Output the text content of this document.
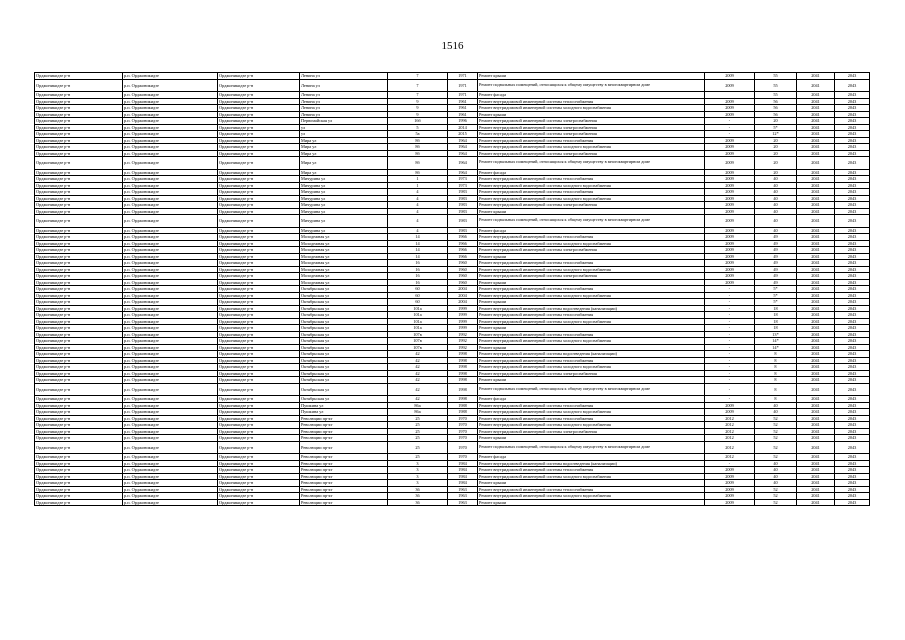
1516
Орджоникидзе р-н	р.п. Орджоникидзе	Орджоникидзе р-н	Ленина ул	7	1971	Ремонт крыши	2009	55	2041	2043
Орджоникидзе р-н	р.п. Орджоникидзе	Орджоникидзе р-н	Ленина ул	7	1971	Ремонт подвальных помещений, относящихся к общему имуществу в многоквартирном доме	2009	55	2041	2043
Орджоникидзе р-н	р.п. Орджоникидзе	Орджоникидзе р-н	Ленина ул	7	1971	Ремонт фасада		55	2041	2043
Орджоникидзе р-н	р.п. Орджоникидзе	Орджоникидзе р-н	Ленина ул	9	1961	Ремонт внутридомовой инженерной системы теплоснабжения	2009	56	2041	2043
Орджоникидзе р-н	р.п. Орджоникидзе	Орджоникидзе р-н	Ленина ул	9	1961	Ремонт внутридомовой инженерной системы холодного водоснабжения	2009	56	2041	2043
Орджоникидзе р-н	р.п. Орджоникидзе	Орджоникидзе р-н	Ленина ул	9	1961	Ремонт крыши	2009	56	2041	2043
Орджоникидзе р-н	р.п. Орджоникидзе	Орджоникидзе р-н	Первомайская ул	16б	1996	Ремонт внутридомовой инженерной системы электроснабжения	-	20	2041	2043
Орджоникидзе р-н	р.п. Орджоникидзе	Орджоникидзе р-н	ул	5	2014	Ремонт внутридомовой инженерной системы электроснабжения	-	5*	2041	2043
Орджоникидзе р-н	р.п. Орджоникидзе	Орджоникидзе р-н	ул	5а	2015	Ремонт внутридомовой инженерной системы электроснабжения	-	12*	2041	2043
Орджоникидзе р-н	р.п. Орджоникидзе	Орджоникидзе р-н	Мира ул	8б	1964	Ремонт внутридомовой инженерной системы теплоснабжения	2009	20	2041	2043
Орджоникидзе р-н	р.п. Орджоникидзе	Орджоникидзе р-н	Мира ул	8б	1964	Ремонт внутридомовой инженерной системы холодного водоснабжения	2009	20	2041	2043
Орджоникидзе р-н	р.п. Орджоникидзе	Орджоникидзе р-н	Мира ул	8б	1964	Ремонт внутридомовой инженерной системы электроснабжения	2009	20	2041	2043
Орджоникидзе р-н	р.п. Орджоникидзе	Орджоникидзе р-н	Мира ул	8б	1964	Ремонт подвальных помещений, относящихся к общему имуществу в многоквартирном доме	2009	20	2041	2043
Орджоникидзе р-н	р.п. Орджоникидзе	Орджоникидзе р-н	Мира ул	8б	1964	Ремонт фасада	2009	20	2041	2043
Орджоникидзе р-н	р.п. Орджоникидзе	Орджоникидзе р-н	Мичурина ул	1	1973	Ремонт внутридомовой инженерной системы теплоснабжения	2009	40	2041	2043
Орджоникидзе р-н	р.п. Орджоникидзе	Орджоникидзе р-н	Мичурина ул	1	1973	Ремонт внутридомовой инженерной системы холодного водоснабжения	2009	40	2041	2043
Орджоникидзе р-н	р.п. Орджоникидзе	Орджоникидзе р-н	Мичурина ул	4	1983	Ремонт внутридомовой инженерной системы теплоснабжения	2009	40	2041	2043
Орджоникидзе р-н	р.п. Орджоникидзе	Орджоникидзе р-н	Мичурина ул	4	1983	Ремонт внутридомовой инженерной системы холодного водоснабжения	2009	40	2041	2043
Орджоникидзе р-н	р.п. Орджоникидзе	Орджоникидзе р-н	Мичурина ул	4	1983	Ремонт внутридомовой инженерной системы электроснабжения	2009	40	2041	2043
Орджоникидзе р-н	р.п. Орджоникидзе	Орджоникидзе р-н	Мичурина ул	4	1983	Ремонт крыши	2009	40	2041	2043
Орджоникидзе р-н	р.п. Орджоникидзе	Орджоникидзе р-н	Мичурина ул	4	1983	Ремонт подвальных помещений, относящихся к общему имуществу в многоквартирном доме	2009	40	2041	2043
Орджоникидзе р-н	р.п. Орджоникидзе	Орджоникидзе р-н	Мичурина ул	4	1983	Ремонт фасада	2009	40	2041	2043
Орджоникидзе р-н	р.п. Орджоникидзе	Орджоникидзе р-н	Молодежная ул	14	1966	Ремонт внутридомовой инженерной системы теплоснабжения	2009	49	2041	2043
Орджоникидзе р-н	р.п. Орджоникидзе	Орджоникидзе р-н	Молодежная ул	14	1966	Ремонт внутридомовой инженерной системы холодного водоснабжения	2009	49	2041	2043
Орджоникидзе р-н	р.п. Орджоникидзе	Орджоникидзе р-н	Молодежная ул	14	1966	Ремонт внутридомовой инженерной системы электроснабжения	2009	49	2041	2043
Орджоникидзе р-н	р.п. Орджоникидзе	Орджоникидзе р-н	Молодежная ул	14	1966	Ремонт крыши	2009	49	2041	2043
Орджоникидзе р-н	р.п. Орджоникидзе	Орджоникидзе р-н	Молодежная ул	16	1960	Ремонт внутридомовой инженерной системы теплоснабжения	2009	49	2041	2043
Орджоникидзе р-н	р.п. Орджоникидзе	Орджоникидзе р-н	Молодежная ул	16	1960	Ремонт внутридомовой инженерной системы холодного водоснабжения	2009	49	2041	2043
Орджоникидзе р-н	р.п. Орджоникидзе	Орджоникидзе р-н	Молодежная ул	16	1960	Ремонт внутридомовой инженерной системы электроснабжения	2009	49	2041	2043
Орджоникидзе р-н	р.п. Орджоникидзе	Орджоникидзе р-н	Молодежная ул	16	1960	Ремонт крыши	2009	49	2041	2043
Орджоникидзе р-н	р.п. Орджоникидзе	Орджоникидзе р-н	Октябрьская ул	60	2004	Ремонт внутридомовой инженерной системы теплоснабжения	-	5*	2041	2043
Орджоникидзе р-н	р.п. Орджоникидзе	Орджоникидзе р-н	Октябрьская ул	60	2004	Ремонт внутридомовой инженерной системы холодного водоснабжения	-	5*	2041	2043
Орджоникидзе р-н	р.п. Орджоникидзе	Орджоникидзе р-н	Октябрьская ул	60	2004	Ремонт крыши	-	5*	2041	2043
Орджоникидзе р-н	р.п. Орджоникидзе	Орджоникидзе р-н	Октябрьская ул	101а	1999	Ремонт внутридомовой инженерной системы водоотведения (канализации)	-	18	2041	2043
Орджоникидзе р-н	р.п. Орджоникидзе	Орджоникидзе р-н	Октябрьская ул	101а	1999	Ремонт внутридомовой инженерной системы теплоснабжения	-	18	2041	2043
Орджоникидзе р-н	р.п. Орджоникидзе	Орджоникидзе р-н	Октябрьская ул	101а	1999	Ремонт внутридомовой инженерной системы холодного водоснабжения	-	18	2041	2043
Орджоникидзе р-н	р.п. Орджоникидзе	Орджоникидзе р-н	Октябрьская ул	101а	1999	Ремонт крыши	-	18	2041	2043
Орджоникидзе р-н	р.п. Орджоникидзе	Орджоникидзе р-н	Октябрьская ул	107в	1992	Ремонт внутридомовой инженерной системы теплоснабжения	-	13*	2041	2043
Орджоникидзе р-н	р.п. Орджоникидзе	Орджоникидзе р-н	Октябрьская ул	107в	1992	Ремонт внутридомовой инженерной системы холодного водоснабжения	-	14*	2041	2043
Орджоникидзе р-н	р.п. Орджоникидзе	Орджоникидзе р-н	Октябрьская ул	107в	1992	Ремонт крыши	-	14*	2041	2043
Орджоникидзе р-н	р.п. Орджоникидзе	Орджоникидзе р-н	Октябрьская ул	42	1998	Ремонт внутридомовой инженерной системы водоотведения (канализации)	-	8	2041	2043
Орджоникидзе р-н	р.п. Орджоникидзе	Орджоникидзе р-н	Октябрьская ул	42	1998	Ремонт внутридомовой инженерной системы теплоснабжения	-	8	2041	2043
Орджоникидзе р-н	р.п. Орджоникидзе	Орджоникидзе р-н	Октябрьская ул	42	1998	Ремонт внутридомовой инженерной системы холодного водоснабжения	-	8	2041	2043
Орджоникидзе р-н	р.п. Орджоникидзе	Орджоникидзе р-н	Октябрьская ул	42	1998	Ремонт внутридомовой инженерной системы электроснабжения	-	8	2041	2043
Орджоникидзе р-н	р.п. Орджоникидзе	Орджоникидзе р-н	Октябрьская ул	42	1998	Ремонт крыши	-	8	2041	2043
Орджоникидзе р-н	р.п. Орджоникидзе	Орджоникидзе р-н	Октябрьская ул	42	1998	Ремонт подвальных помещений, относящихся к общему имуществу в многоквартирном доме	-	8	2041	2043
Орджоникидзе р-н	р.п. Орджоникидзе	Орджоникидзе р-н	Октябрьская ул	42	1998	Ремонт фасада	-	8	2041	2043
Орджоникидзе р-н	р.п. Орджоникидзе	Орджоникидзе р-н	Пушкина ул	86а	1988	Ремонт внутридомовой инженерной системы теплоснабжения	2009	40	2041	2043
Орджоникидзе р-н	р.п. Орджоникидзе	Орджоникидзе р-н	Пушкина ул	86а	1988	Ремонт внутридомовой инженерной системы холодного водоснабжения	2009	40	2041	2043
Орджоникидзе р-н	р.п. Орджоникидзе	Орджоникидзе р-н	Революции пр-кт	25	1970	Ремонт внутридомовой инженерной системы теплоснабжения	2012	52	2041	2043
Орджоникидзе р-н	р.п. Орджоникидзе	Орджоникидзе р-н	Революции пр-кт	25	1970	Ремонт внутридомовой инженерной системы холодного водоснабжения	2012	52	2041	2043
Орджоникидзе р-н	р.п. Орджоникидзе	Орджоникидзе р-н	Революции пр-кт	25	1970	Ремонт внутридомовой инженерной системы электроснабжения	2012	52	2041	2043
Орджоникидзе р-н	р.п. Орджоникидзе	Орджоникидзе р-н	Революции пр-кт	25	1970	Ремонт крыши	2012	52	2041	2043
Орджоникидзе р-н	р.п. Орджоникидзе	Орджоникидзе р-н	Революции пр-кт	25	1970	Ремонт подвальных помещений, относящихся к общему имуществу в многоквартирном доме	2012	52	2041	2043
Орджоникидзе р-н	р.п. Орджоникидзе	Орджоникидзе р-н	Революции пр-кт	25	1970	Ремонт фасада	2012	52	2041	2043
Орджоникидзе р-н	р.п. Орджоникидзе	Орджоникидзе р-н	Революции пр-кт	3	1984	Ремонт внутридомовой инженерной системы водоотведения (канализации)	-	40	2041	2043
Орджоникидзе р-н	р.п. Орджоникидзе	Орджоникидзе р-н	Революции пр-кт	3	1984	Ремонт внутридомовой инженерной системы теплоснабжения	2009	40	2041	2043
Орджоникидзе р-н	р.п. Орджоникидзе	Орджоникидзе р-н	Революции пр-кт	3	1984	Ремонт внутридомовой инженерной системы холодного водоснабжения	2009	40	2041	2043
Орджоникидзе р-н	р.п. Орджоникидзе	Орджоникидзе р-н	Революции пр-кт	3	1984	Ремонт крыши	2009	40	2041	2043
Орджоникидзе р-н	р.п. Орджоникидзе	Орджоникидзе р-н	Революции пр-кт	36	1963	Ремонт внутридомовой инженерной системы теплоснабжения	2009	52	2041	2043
Орджоникидзе р-н	р.п. Орджоникидзе	Орджоникидзе р-н	Революции пр-кт	36	1963	Ремонт внутридомовой инженерной системы холодного водоснабжения	2009	52	2041	2043
Орджоникидзе р-н	р.п. Орджоникидзе	Орджоникидзе р-н	Революции пр-кт	36	1963	Ремонт крыши	2009	52	2041	2043
